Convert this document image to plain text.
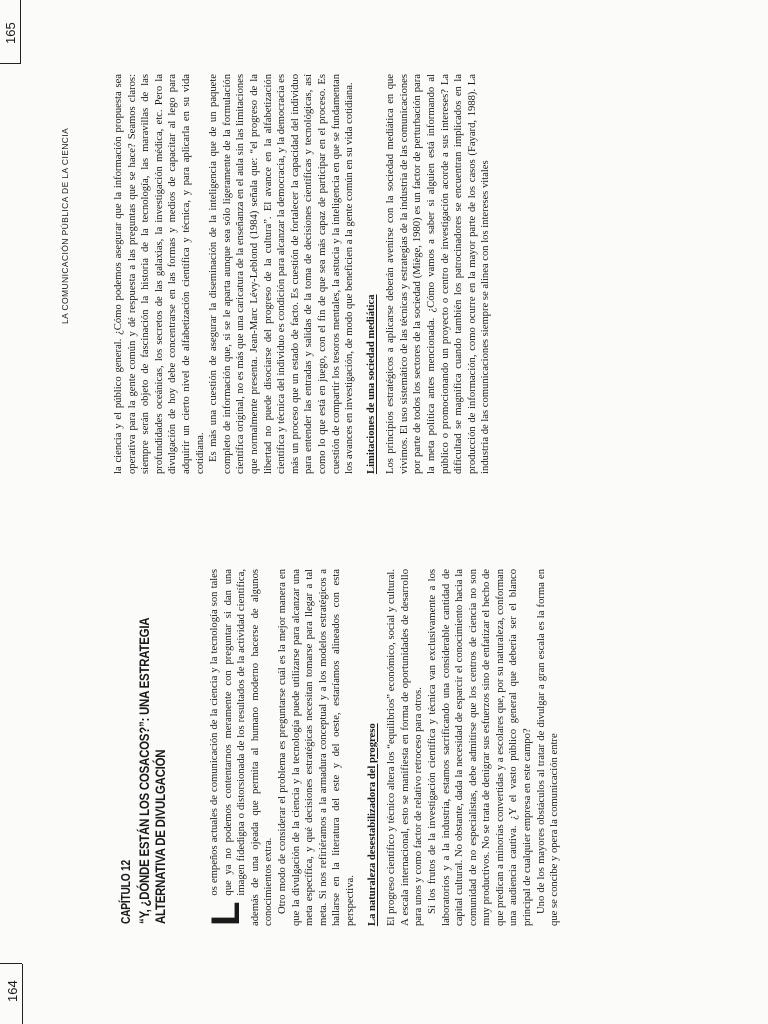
164
CAPÍTULO 12 “Y, ¿DÓNDE ESTÁN LOS COSACOS?”: UNA ESTRATEGIA ALTERNATIVA DE DIVULGACIÓN L
os empeños actuales de comunicación de la ciencia y la tecnología son tales que ya no podemos contentarnos meramente con preguntar si dan una imagen fidedigna o distorsionada de los resultados de la actividad científica, además de una ojeada que permita al humano moderno hacerse de algunos conocimientos extra. Otro modo de considerar el problema es preguntarse cuál es la mejor manera en que la divulgación de la ciencia y la tecnología puede utilizarse para alcanzar una meta específica, y qué decisiones estratégicas necesitan tomarse para llegar a tal meta. Si nos refiriéramos a la armadura conceptual y a los modelos estratégicos a hallarse en la literatura del este y del oeste, estaríamos alineados con esta perspectiva. La naturaleza desestabilizadora del progreso El progreso científico y técnico altera los “equilibrios” económico, social y cultural. A escala internacional, esto se manifiesta en forma de oportunidades de desarrollo para unos y como factor de relativo retroceso para otros. Si los frutos de la investigación científica y técnica van exclusivamente a los laboratorios y a la industria, estamos sacrificando una considerable cantidad de capital cultural. No obstante, dada la necesidad de esparcir el conocimiento hacia la comunidad de no especialistas, debe admitirse que los centros de ciencia no son muy productivos. No se trata de denigrar sus esfuerzos sino de enfatizar el hecho de que predican a minorías convertidas y a escolares que, por su naturaleza, conforman una audiencia cautiva. ¿Y el vasto público general que debería ser el blanco principal de cualquier empresa en este campo? Uno de los mayores obstáculos al tratar de divulgar a gran escala es la forma en que se concibe y opera la comunicación entre

la ciencia y el público general. ¿Cómo podemos asegurar que la información propuesta sea operativa para la gente común y dé respuesta a las preguntas que se hace? Seamos claros: siempre serán objeto de fascinación la historia de la tecnología, las maravillas de las profundidades oceánicas, los secretos de las galaxias, la investigación médica, etc. Pero la divulgación de hoy debe concentrarse en las formas y medios de capacitar al lego para adquirir un cierto nivel de alfabetización científica y técnica, y para aplicarla en su vida cotidiana. Es más una cuestión de asegurar la diseminación de la inteligencia que de un paquete completo de información que, si se le aparta aunque sea sólo ligeramente de la formulación científica original, no es más que una caricatura de la enseñanza en el aula sin las limitaciones que normalmente presenta. Jean-Marc Lévy-Leblond (1984) señala que: “el progreso de la libertad no puede disociarse del progreso de la cultura”. El avance en la alfabetización científica y técnica del individuo es condición para alcanzar la democracia, y la democracia es más un proceso que un estado de facto. Es cuestión de fortalecer la capacidad del individuo para entender las entradas y salidas de la toma de decisiones científicas y tecnológicas, así como lo que está en juego, con el fin de que sea más capaz de participar en el proceso. Es cuestión de compartir los tesoros mentales, la astucia y la inteligencia en que se fundamentan los avances en investigación, de modo que beneficien a la gente común en su vida cotidiana. Limitaciones de una sociedad mediática Los principios estratégicos a aplicarse deberán avenirse con la sociedad mediática en que vivimos. El uso sistemático de las técnicas y estrategias de la industria de las comunicaciones por parte de todos los sectores de la sociedad (Miège, 1980) es un factor de perturbación para la meta política antes mencionada. ¿Cómo vamos a saber si alguien está informando al público o promocionando un proyecto o centro de investigación acorde a sus intereses? La dificultad se magnifica cuando también los patrocinadores se encuentran implicados en la producción de información, como ocurre en la mayor parte de los casos (Fayard, 1988). La industria de las comunicaciones siempre se alinea con los intereses vitales

LA COMUNICACIÓN PÚBLICA DE LA CIENCIA
165
